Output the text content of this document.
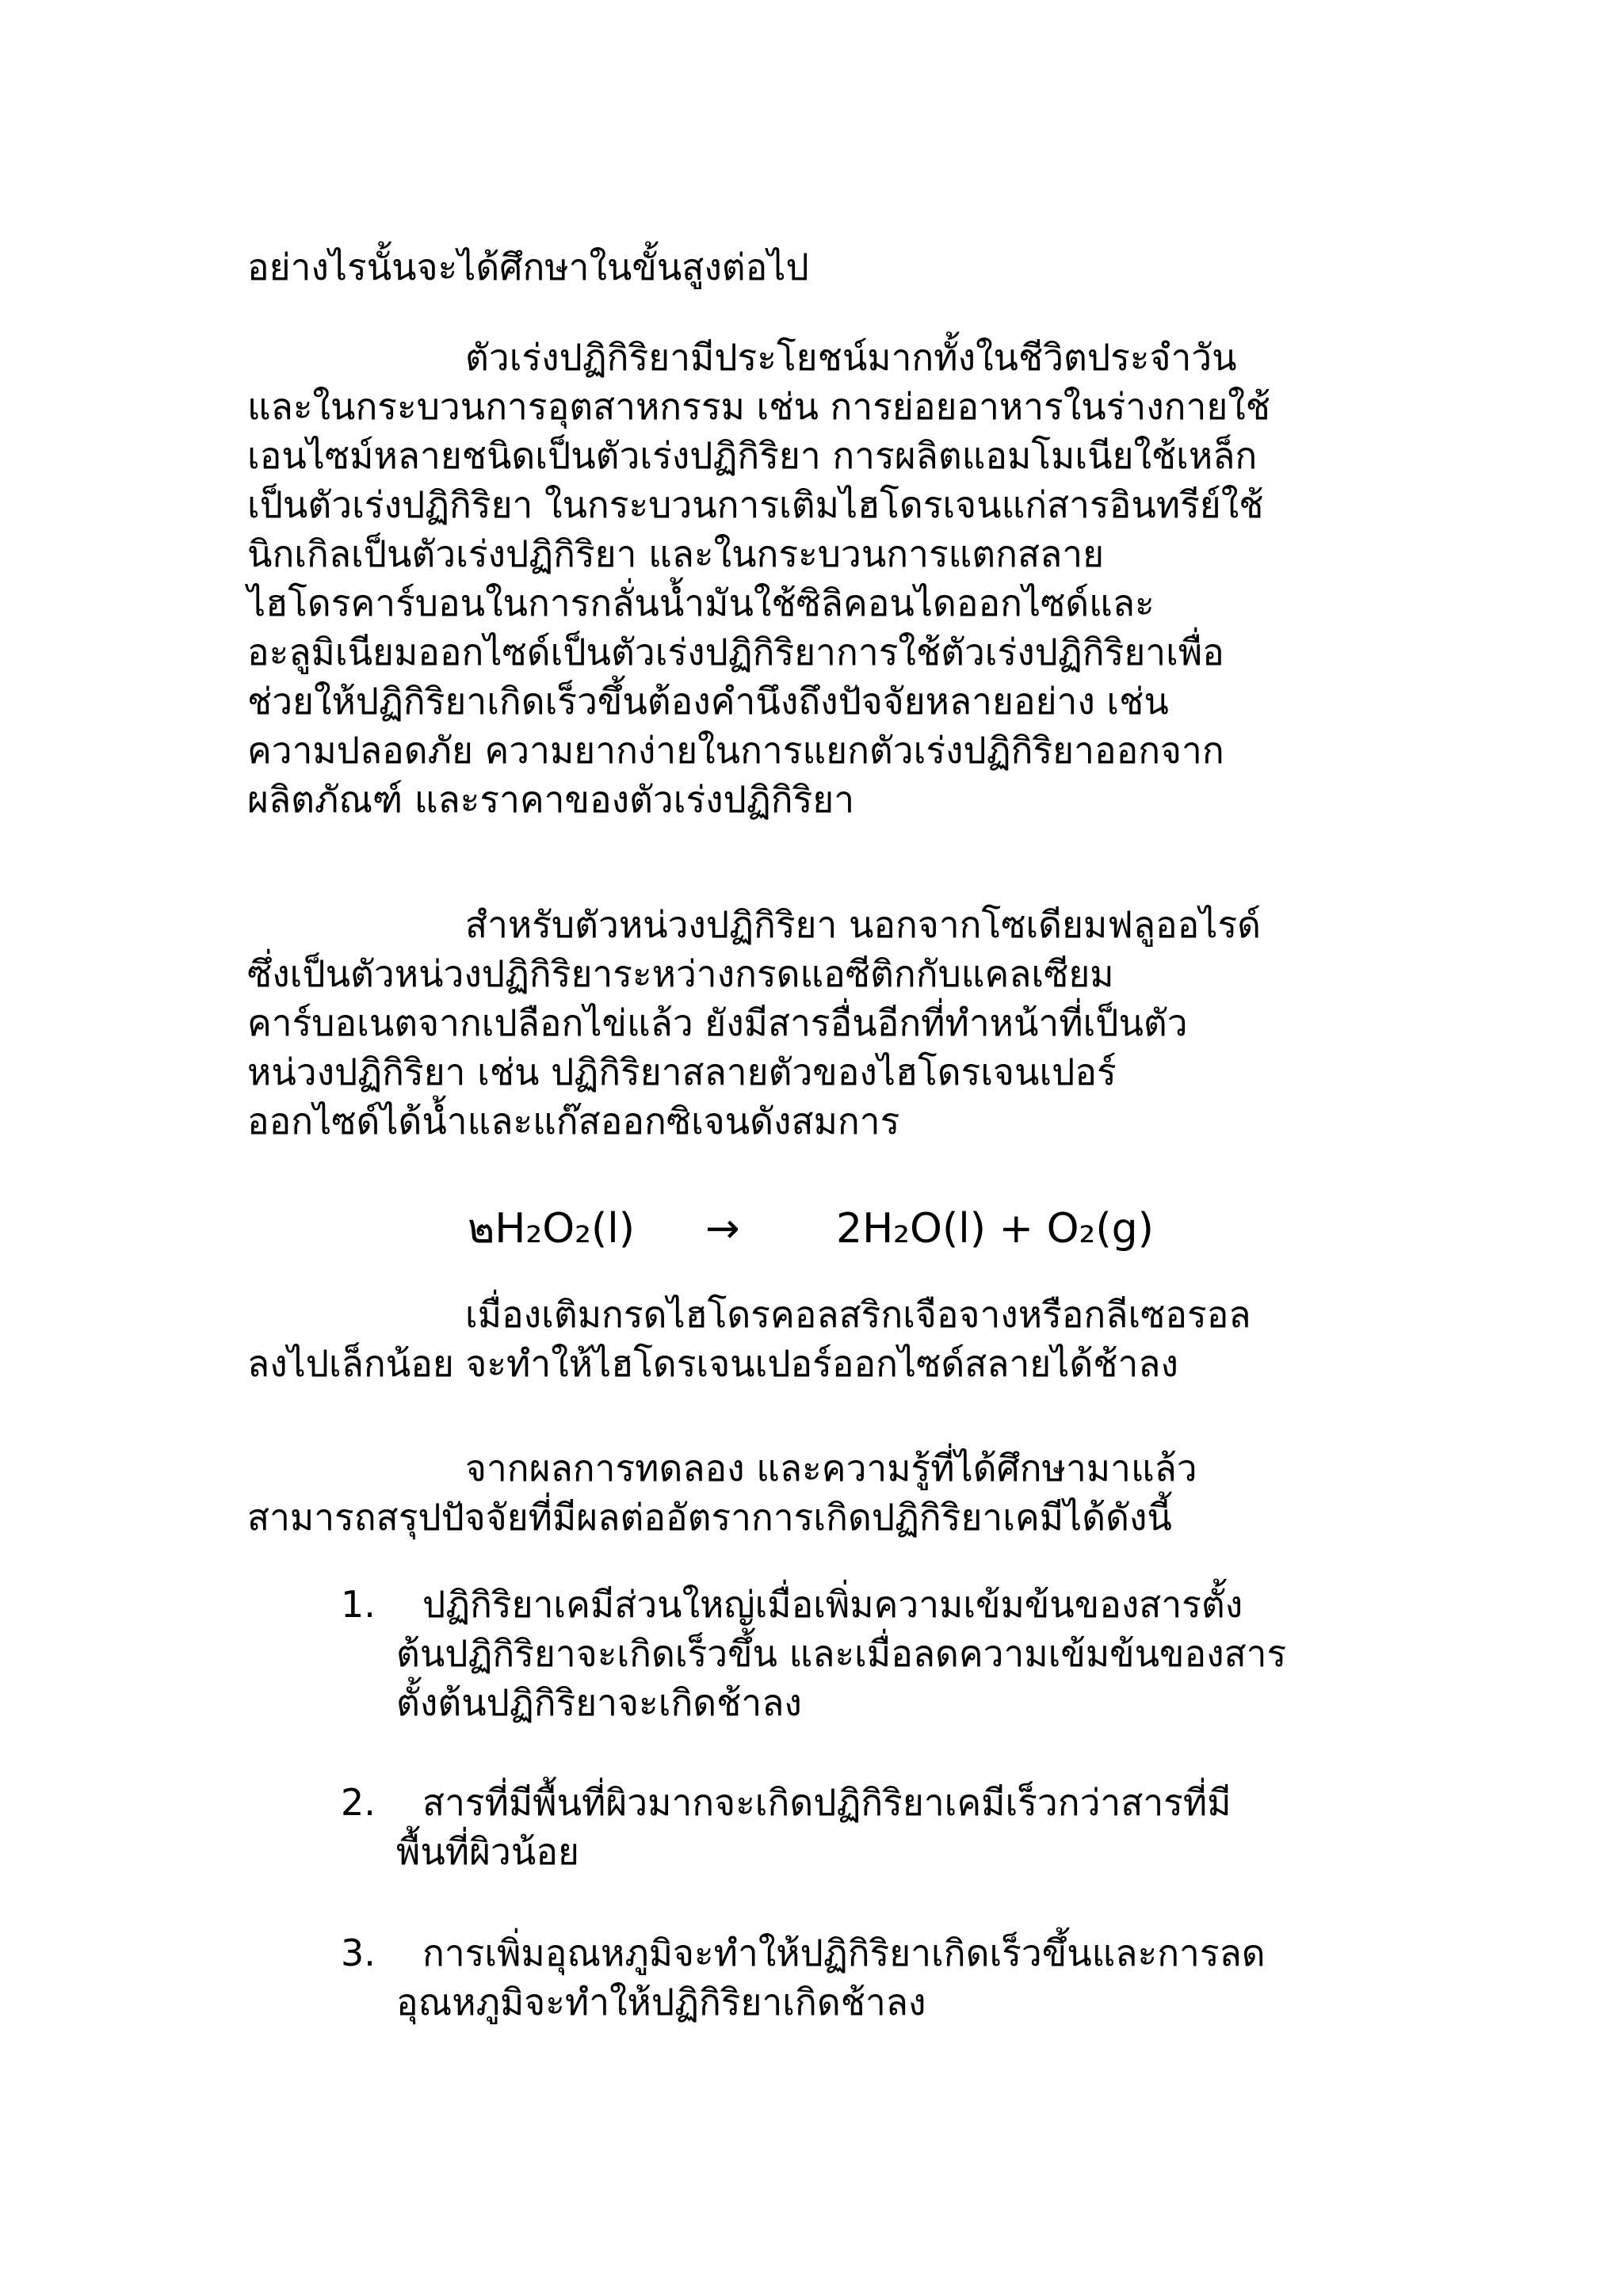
อย่างไรนั้นจะได้ศึกษาในขั้นสูงต่อไป

ตัวเร่งปฏิกิริยามีประโยชน์มากทั้งในชีวิตประจำวัน
และในกระบวนการอุตสาหกรรม เช่น การย่อยอาหารในร่างกายใช้
เอนไซม์หลายชนิดเป็นตัวเร่งปฏิกิริยา การผลิตแอมโมเนียใช้เหล็ก
เป็นตัวเร่งปฏิกิริยา ในกระบวนการเติมไฮโดรเจนแก่สารอินทรีย์ใช้
นิกเกิลเป็นตัวเร่งปฏิกิริยา และในกระบวนการแตกสลาย
ไฮโดรคาร์บอนในการกลั่นน้ำมันใช้ซิลิคอนไดออกไซด์และ
อะลูมิเนียมออกไซด์เป็นตัวเร่งปฏิกิริยาการใช้ตัวเร่งปฏิกิริยาเพื่อ
ช่วยให้ปฏิกิริยาเกิดเร็วขึ้นต้องคำนึงถึงปัจจัยหลายอย่าง เช่น
ความปลอดภัย ความยากง่ายในการแยกตัวเร่งปฏิกิริยาออกจาก
ผลิตภัณฑ์ และราคาของตัวเร่งปฏิกิริยา

สำหรับตัวหน่วงปฏิกิริยา นอกจากโซเดียมฟลูออไรด์
ซึ่งเป็นตัวหน่วงปฏิกิริยาระหว่างกรดแอซีติกกับแคลเซียม
คาร์บอเนตจากเปลือกไข่แล้ว ยังมีสารอื่นอีกที่ทำหน้าที่เป็นตัว
หน่วงปฏิกิริยา เช่น ปฏิกิริยาสลายตัวของไฮโดรเจนเปอร์
ออกไซด์ได้น้ำและแก๊สออกซิเจนดังสมการ

๒H₂O₂(l) → 2H₂O(l) + O₂(g)

เมื่องเติมกรดไฮโดรคอลสริกเจือจางหรือกลีเซอรอล
ลงไปเล็กน้อย จะทำให้ไฮโดรเจนเปอร์ออกไซด์สลายได้ช้าลง

จากผลการทดลอง และความรู้ที่ได้ศึกษามาแล้ว
สามารถสรุปปัจจัยที่มีผลต่ออัตราการเกิดปฏิกิริยาเคมีได้ดังนี้

1.	ปฏิกิริยาเคมีส่วนใหญ่เมื่อเพิ่มความเข้มข้นของสารตั้ง
ต้นปฏิกิริยาจะเกิดเร็วขึ้น และเมื่อลดความเข้มข้นของสาร
ตั้งต้นปฏิกิริยาจะเกิดช้าลง
2.	สารที่มีพื้นที่ผิวมากจะเกิดปฏิกิริยาเคมีเร็วกว่าสารที่มี
พื้นที่ผิวน้อย
3.	การเพิ่มอุณหภูมิจะทำให้ปฏิกิริยาเกิดเร็วขึ้นและการลด
อุณหภูมิจะทำให้ปฏิกิริยาเกิดช้าลง
